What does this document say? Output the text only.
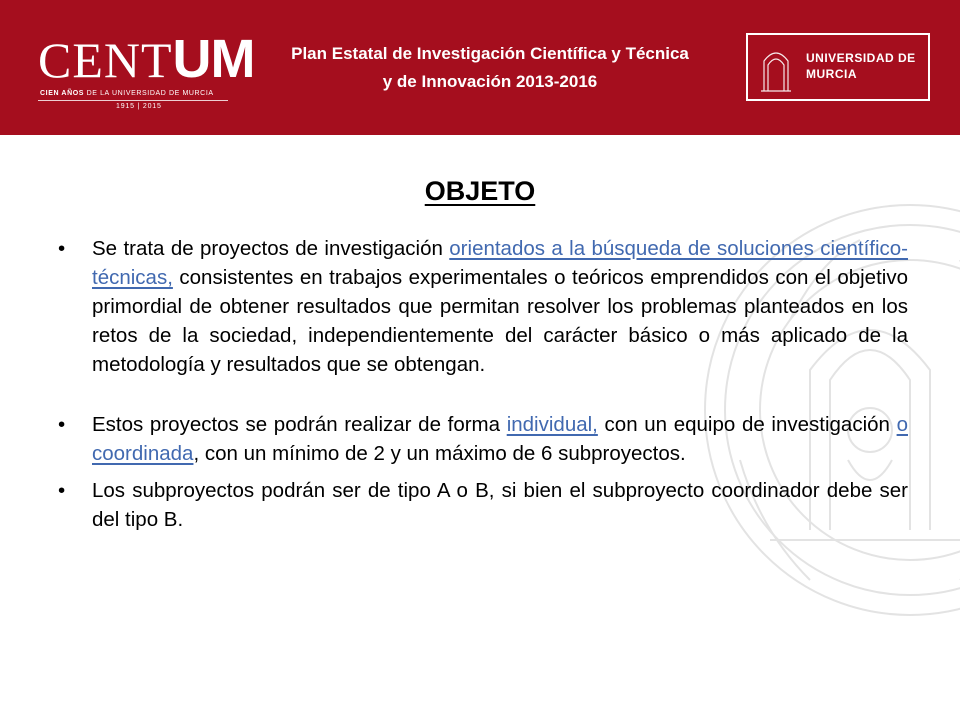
CENTUM
CIEN AÑOS DE LA UNIVERSIDAD DE MURCIA
1915 | 2015
Plan Estatal de Investigación Científica y Técnica
y de Innovación 2013-2016
UNIVERSIDAD DE
MURCIA
OBJETO
• Se trata de proyectos de investigación orientados a la búsqueda de soluciones científico-técnicas, consistentes en trabajos experimentales o teóricos emprendidos con el objetivo primordial de obtener resultados que permitan resolver los problemas planteados en los retos de la sociedad, independientemente del carácter básico o más aplicado de la metodología y resultados que se obtengan.
• Estos proyectos se podrán realizar de forma individual, con un equipo de investigación o coordinada, con un mínimo de 2 y un máximo de 6 subproyectos.
• Los subproyectos podrán ser de tipo A o B, si bien el subproyecto coordinador debe ser del tipo B.
